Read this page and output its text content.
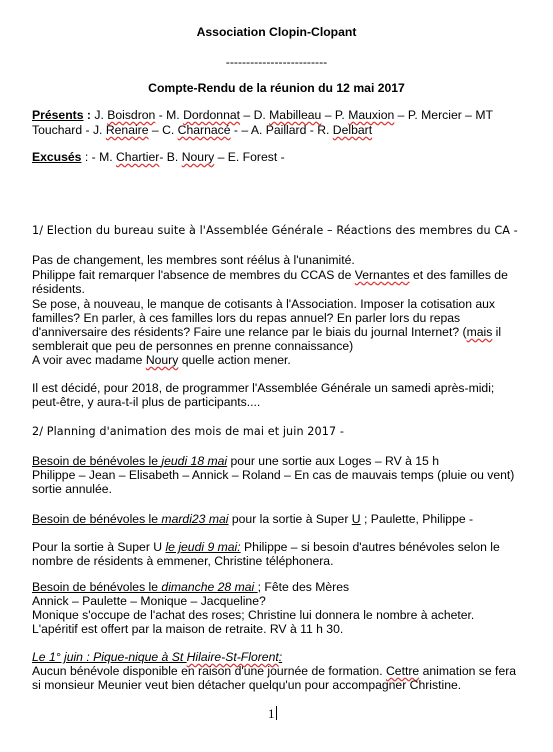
Association Clopin-Clopant
-------------------------
Compte-Rendu de la réunion du 12 mai 2017
Présents : J. Boisdron - M. Dordonnat – D. Mabilleau – P. Mauxion – P. Mercier – MT
Touchard - J. Renaire – C. Charnacé - – A. Paillard - R. Delbart
Excusés : - M. Chartier- B. Noury – E. Forest -
1/ Election du bureau suite à l'Assemblée Générale – Réactions des membres du CA -
Pas de changement, les membres sont réélus à l'unanimité.
Philippe fait remarquer l'absence de membres du CCAS de Vernantes et des familles de
résidents.
Se pose, à nouveau, le manque de cotisants à l'Association. Imposer la cotisation aux
familles? En parler, à ces familles lors du repas annuel? En parler lors du repas
d'anniversaire des résidents? Faire une relance par le biais du journal Internet? (mais il
semblerait que peu de personnes en prenne connaissance)
A voir avec madame Noury quelle action mener.
Il est décidé, pour 2018, de programmer l'Assemblée Générale un samedi après-midi;
peut-être, y aura-t-il plus de participants....
2/ Planning d'animation des mois de mai et juin 2017 -
Besoin de bénévoles le jeudi 18 mai pour une sortie aux Loges – RV à 15 h
Philippe – Jean – Elisabeth – Annick – Roland – En cas de mauvais temps (pluie ou vent)
sortie annulée.
Besoin de bénévoles le mardi23 mai pour la sortie à Super U ; Paulette, Philippe -
Pour la sortie à Super U le jeudi 9 mai: Philippe – si besoin d'autres bénévoles selon le
nombre de résidents à emmener, Christine téléphonera.
Besoin de bénévoles le dimanche 28 mai ; Fête des Mères
Annick – Paulette – Monique – Jacqueline?
Monique s'occupe de l'achat des roses; Christine lui donnera le nombre à acheter.
L'apéritif est offert par la maison de retraite. RV à 11 h 30.
Le 1° juin : Pique-nique à St Hilaire-St-Florent:
Aucun bénévole disponible en raison d'une journée de formation. Cettre animation se fera
si monsieur Meunier veut bien détacher quelqu'un pour accompagner Christine.
1
